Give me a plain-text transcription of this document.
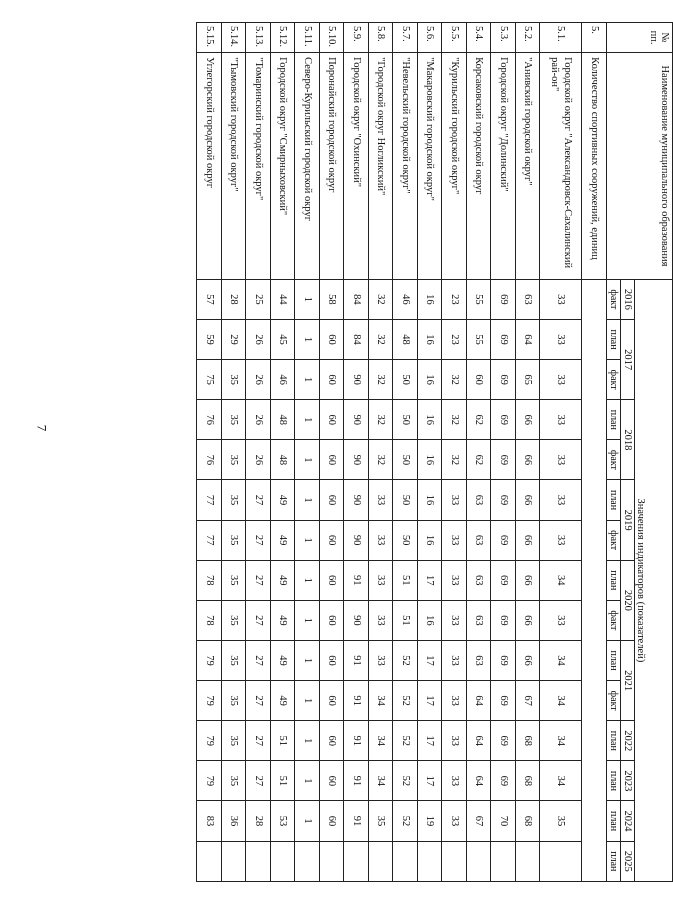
7
№
пп.	Наименование муниципального образования	Значения индикаторов (показателей)														
		2016	2017		2018		2019		2020		2021		2022	2023	2024	2025
		факт	план	факт	план	факт	план	факт	план	факт	план	факт	план	план	план	план
5.	Количество спортивных сооружений, единиц															
5.1.	Городской округ "Александровск-Сахалинский рай-он"	33	33	33	33	33	33	33	34	33	34	34	34	34	35	
5.2.	"Анивский городской округ"	63	64	65	66	66	66	66	66	66	66	67	68	68	68	
5.3.	Городской округ "Долинский"	69	69	69	69	69	69	69	69	69	69	69	69	69	70	
5.4.	Корсаковский городской округ	55	55	60	62	62	63	63	63	63	63	64	64	64	67	
5.5.	"Курильский городской округ"	23	23	32	32	32	33	33	33	33	33	33	33	33	33	
5.6.	"Макаровский городской округ"	16	16	16	16	16	16	16	17	16	17	17	17	17	19	
5.7.	"Невельский городской округ"	46	48	50	50	50	50	50	51	51	52	52	52	52	52	
5.8.	"Городской округ Ногликский"	32	32	32	32	32	33	33	33	33	33	34	34	34	35	
5.9.	Городской округ "Охинский"	84	84	90	90	90	90	90	91	90	91	91	91	91	91	
5.10.	Поронайский городской округ	58	60	60	60	60	60	60	60	60	60	60	60	60	60	
5.11.	Северо-Курильский городской округ	1	1	1	1	1	1	1	1	1	1	1	1	1	1	
5.12.	Городской округ "Смирныховский"	44	45	46	48	48	49	49	49	49	49	49	51	51	53	
5.13.	"Томаринский городской округ"	25	26	26	26	26	27	27	27	27	27	27	27	27	28	
5.14.	"Тымовский городской округ"	28	29	35	35	35	35	35	35	35	35	35	35	35	36	
5.15.	Углегорский городской округ	57	59	75	76	76	77	77	78	78	79	79	79	79	83	
